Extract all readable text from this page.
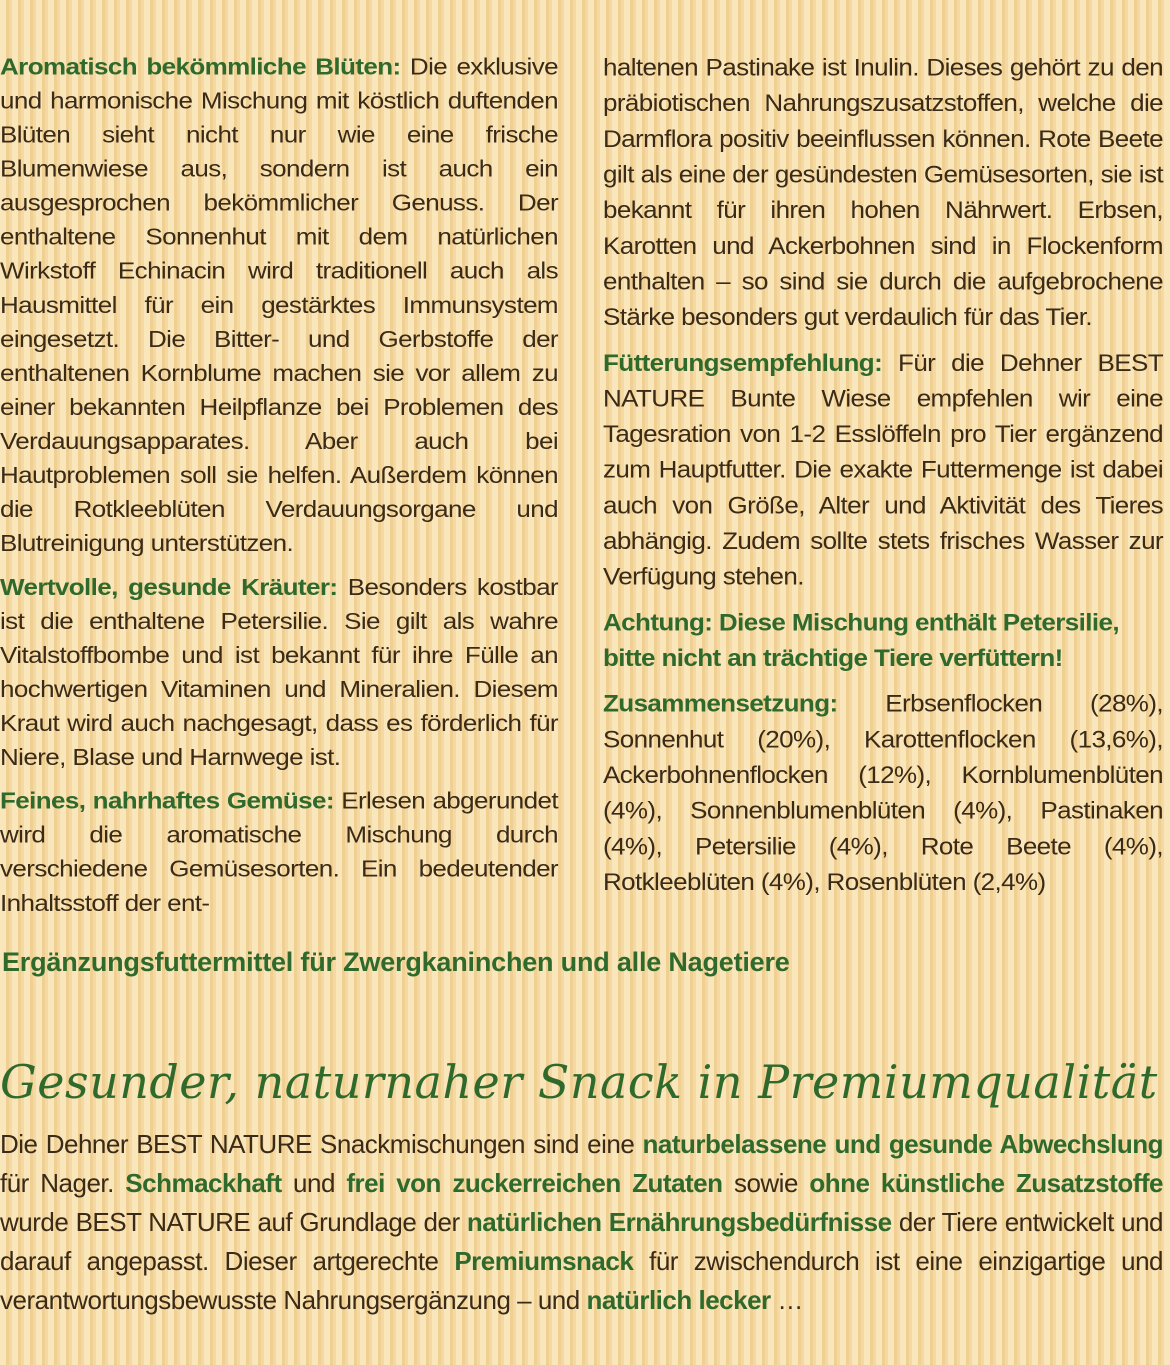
Aromatisch bekömmliche Blüten: Die exklusive und harmonische Mischung mit köstlich duftenden Blüten sieht nicht nur wie eine frische Blumenwiese aus, sondern ist auch ein ausgesprochen bekömmlicher Genuss. Der enthaltene Sonnenhut mit dem natürlichen Wirkstoff Echinacin wird traditionell auch als Hausmittel für ein gestärktes Immunsystem eingesetzt. Die Bitter- und Gerbstoffe der enthaltenen Kornblume machen sie vor allem zu einer bekannten Heilpflanze bei Problemen des Verdauungsapparates. Aber auch bei Hautproblemen soll sie helfen. Außerdem können die Rotkleeblüten Verdauungsorgane und Blutreinigung unterstützen.

Wertvolle, gesunde Kräuter: Besonders kostbar ist die enthaltene Petersilie. Sie gilt als wahre Vitalstoffbombe und ist bekannt für ihre Fülle an hochwertigen Vitaminen und Mineralien. Diesem Kraut wird auch nachgesagt, dass es förderlich für Niere, Blase und Harnwege ist.

Feines, nahrhaftes Gemüse: Erlesen abgerundet wird die aromatische Mischung durch verschiedene Gemüsesorten. Ein bedeutender Inhaltsstoff der ent-

haltenen Pastinake ist Inulin. Dieses gehört zu den präbiotischen Nahrungszusatzstoffen, welche die Darmflora positiv beeinflussen können. Rote Beete gilt als eine der gesündesten Gemüsesorten, sie ist bekannt für ihren hohen Nährwert. Erbsen, Karotten und Ackerbohnen sind in Flockenform enthalten – so sind sie durch die aufgebrochene Stärke besonders gut verdaulich für das Tier.

Fütterungsempfehlung: Für die Dehner BEST NATURE Bunte Wiese empfehlen wir eine Tagesration von 1-2 Esslöffeln pro Tier ergänzend zum Hauptfutter. Die exakte Futtermenge ist dabei auch von Größe, Alter und Aktivität des Tieres abhängig. Zudem sollte stets frisches Wasser zur Verfügung stehen.

Achtung: Diese Mischung enthält Petersilie, bitte nicht an trächtige Tiere verfüttern!

Zusammensetzung: Erbsenflocken (28%), Sonnenhut (20%), Karottenflocken (13,6%), Ackerbohnenflocken (12%), Kornblumenblüten (4%), Sonnenblumenblüten (4%), Pastinaken (4%), Petersilie (4%), Rote Beete (4%), Rotkleeblüten (4%), Rosenblüten (2,4%)

Ergänzungsfuttermittel für Zwergkaninchen und alle Nagetiere
Gesunder, naturnaher Snack in Premiumqualität
Die Dehner BEST NATURE Snackmischungen sind eine naturbelassene und gesunde Abwechslung für Nager. Schmackhaft und frei von zuckerreichen Zutaten sowie ohne künstliche Zusatzstoffe wurde BEST NATURE auf Grundlage der natürlichen Ernährungsbedürfnisse der Tiere entwickelt und darauf angepasst. Dieser artgerechte Premiumsnack für zwischendurch ist eine einzigartige und verantwortungsbewusste Nahrungsergänzung – und natürlich lecker …
